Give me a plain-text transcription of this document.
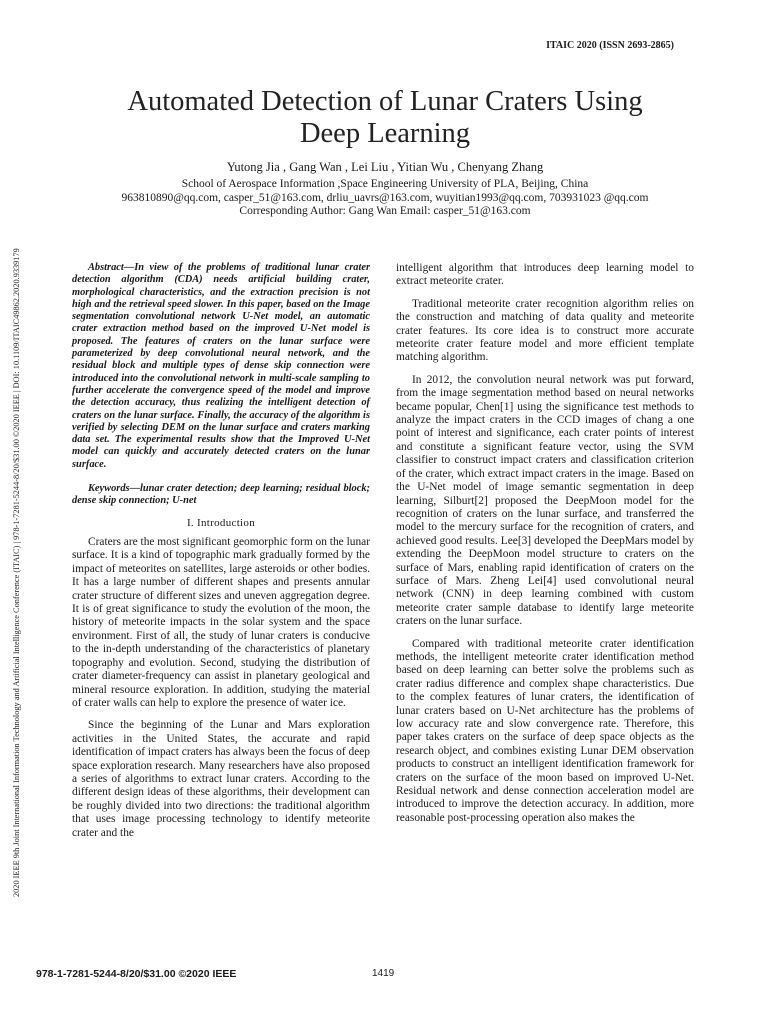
ITAIC 2020 (ISSN 2693-2865)
2020 IEEE 9th Joint International Information Technology and Artificial Intelligence Conference (ITAIC) | 978-1-7281-5244-8/20/$31.00 ©2020 IEEE | DOI: 10.1109/ITAIC49862.2020.9339179
Automated Detection of Lunar Craters Using
Deep Learning
Yutong Jia , Gang Wan , Lei Liu , Yitian Wu , Chenyang Zhang
School of Aerospace Information ,Space Engineering University of PLA, Beijing, China
963810890@qq.com, casper_51@163.com, drliu_uavrs@163.com, wuyitian1993@qq.com, 703931023 @qq.com
Corresponding Author: Gang Wan Email: casper_51@163.com

Abstract—In view of the problems of traditional lunar crater detection algorithm (CDA) needs artificial building crater, morphological characteristics, and the extraction precision is not high and the retrieval speed slower. In this paper, based on the Image segmentation convolutional network U-Net model, an automatic crater extraction method based on the improved U-Net model is proposed. The features of craters on the lunar surface were parameterized by deep convolutional neural network, and the residual block and multiple types of dense skip connection were introduced into the convolutional network in multi-scale sampling to further accelerate the convergence speed of the model and improve the detection accuracy, thus realizing the intelligent detection of craters on the lunar surface. Finally, the accuracy of the algorithm is verified by selecting DEM on the lunar surface and craters marking data set. The experimental results show that the Improved U-Net model can quickly and accurately detected craters on the lunar surface.

Keywords—lunar crater detection; deep learning; residual block; dense skip connection; U-net

I. Introduction

Craters are the most significant geomorphic form on the lunar surface. It is a kind of topographic mark gradually formed by the impact of meteorites on satellites, large asteroids or other bodies. It has a large number of different shapes and presents annular crater structure of different sizes and uneven aggregation degree. It is of great significance to study the evolution of the moon, the history of meteorite impacts in the solar system and the space environment. First of all, the study of lunar craters is conducive to the in-depth understanding of the characteristics of planetary topography and evolution. Second, studying the distribution of crater diameter-frequency can assist in planetary geological and mineral resource exploration. In addition, studying the material of crater walls can help to explore the presence of water ice.

Since the beginning of the Lunar and Mars exploration activities in the United States, the accurate and rapid identification of impact craters has always been the focus of deep space exploration research. Many researchers have also proposed a series of algorithms to extract lunar craters. According to the different design ideas of these algorithms, their development can be roughly divided into two directions: the traditional algorithm that uses image processing technology to identify meteorite crater and the

intelligent algorithm that introduces deep learning model to extract meteorite crater.

Traditional meteorite crater recognition algorithm relies on the construction and matching of data quality and meteorite crater features. Its core idea is to construct more accurate meteorite crater feature model and more efficient template matching algorithm.

In 2012, the convolution neural network was put forward, from the image segmentation method based on neural networks became popular, Chen[1] using the significance test methods to analyze the impact craters in the CCD images of chang a one point of interest and significance, each crater points of interest and constitute a significant feature vector, using the SVM classifier to construct impact craters and classification criterion of the crater, which extract impact craters in the image. Based on the U-Net model of image semantic segmentation in deep learning, Silburt[2] proposed the DeepMoon model for the recognition of craters on the lunar surface, and transferred the model to the mercury surface for the recognition of craters, and achieved good results. Lee[3] developed the DeepMars model by extending the DeepMoon model structure to craters on the surface of Mars, enabling rapid identification of craters on the surface of Mars. Zheng Lei[4] used convolutional neural network (CNN) in deep learning combined with custom meteorite crater sample database to identify large meteorite craters on the lunar surface.

Compared with traditional meteorite crater identification methods, the intelligent meteorite crater identification method based on deep learning can better solve the problems such as crater radius difference and complex shape characteristics. Due to the complex features of lunar craters, the identification of lunar craters based on U-Net architecture has the problems of low accuracy rate and slow convergence rate. Therefore, this paper takes craters on the surface of deep space objects as the research object, and combines existing Lunar DEM observation products to construct an intelligent identification framework for craters on the surface of the moon based on improved U-Net. Residual network and dense connection acceleration model are introduced to improve the detection accuracy. In addition, more reasonable post-processing operation also makes the

978-1-7281-5244-8/20/$31.00 ©2020 IEEE	1419
